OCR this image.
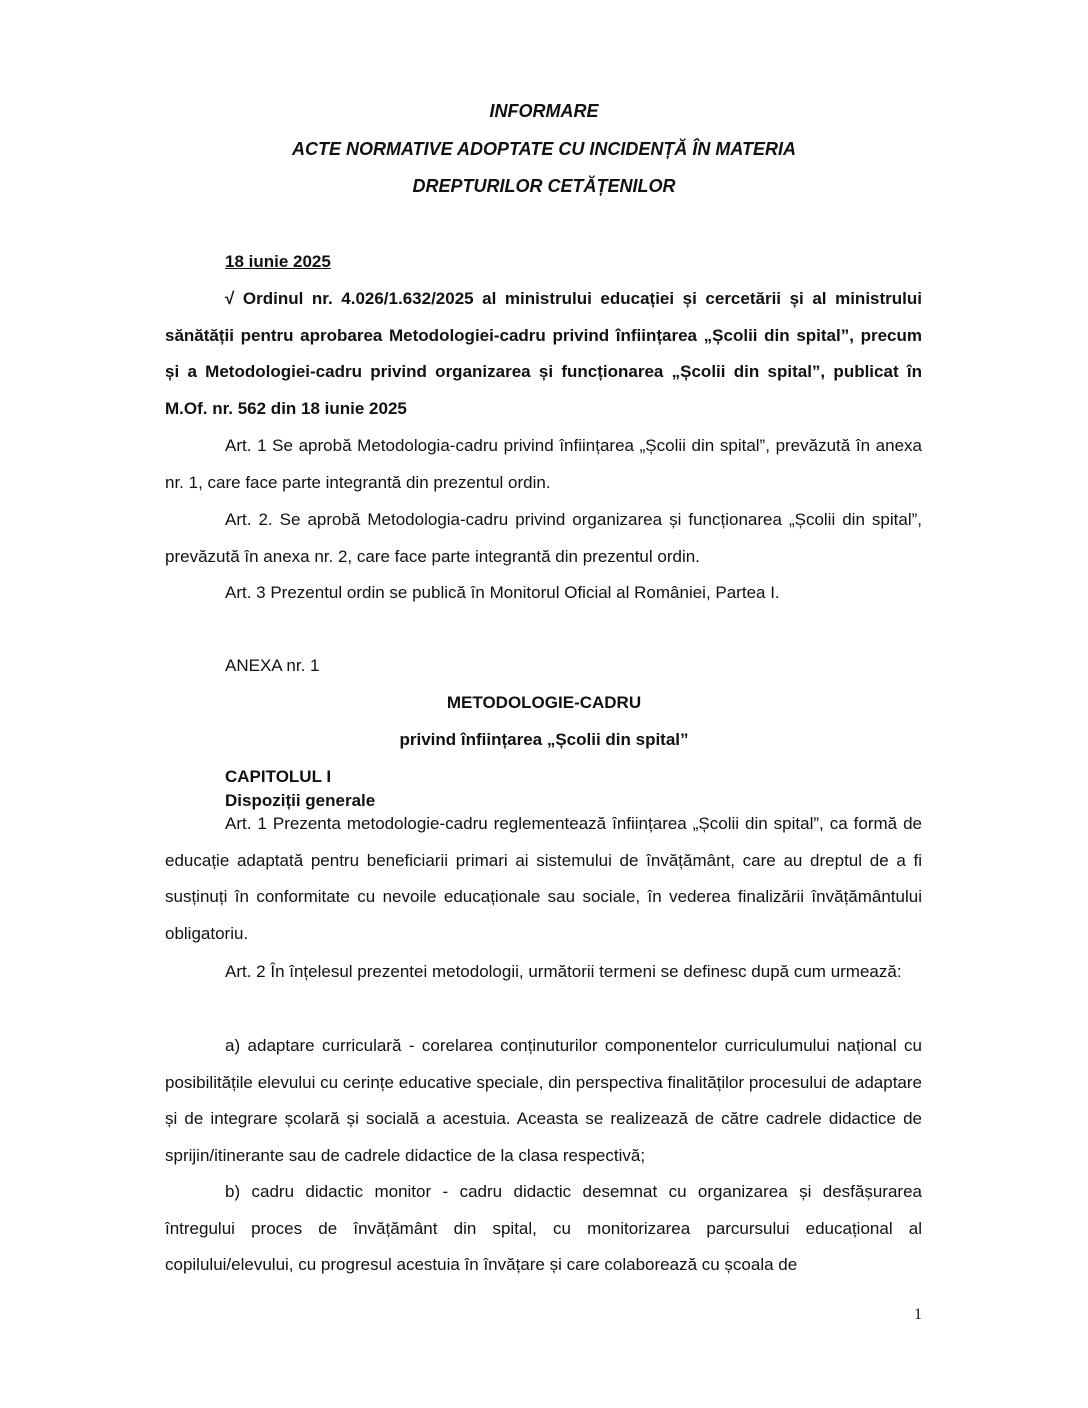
INFORMARE
ACTE NORMATIVE ADOPTATE CU INCIDENȚĂ ÎN MATERIA
DREPTURILOR CETĂȚENILOR
18 iunie 2025
√ Ordinul nr. 4.026/1.632/2025 al ministrului educației și cercetării și al ministrului sănătății pentru aprobarea Metodologiei-cadru privind înființarea „Școlii din spital”, precum și a Metodologiei-cadru privind organizarea și funcționarea „Școlii din spital”, publicat în M.Of. nr. 562 din 18 iunie 2025
Art. 1 Se aprobă Metodologia-cadru privind înființarea „Școlii din spital”, prevăzută în anexa nr. 1, care face parte integrantă din prezentul ordin.
Art. 2. Se aprobă Metodologia-cadru privind organizarea și funcționarea „Școlii din spital”, prevăzută în anexa nr. 2, care face parte integrantă din prezentul ordin.
Art. 3 Prezentul ordin se publică în Monitorul Oficial al României, Partea I.
ANEXA nr. 1
METODOLOGIE-CADRU
privind înființarea „Școlii din spital”
CAPITOLUL I
Dispoziții generale
Art. 1 Prezenta metodologie-cadru reglementează înființarea „Școlii din spital”, ca formă de educație adaptată pentru beneficiarii primari ai sistemului de învățământ, care au dreptul de a fi susținuți în conformitate cu nevoile educaționale sau sociale, în vederea finalizării învățământului obligatoriu.
Art. 2 În înțelesul prezentei metodologii, următorii termeni se definesc după cum urmează:
a) adaptare curriculară - corelarea conținuturilor componentelor curriculumului național cu posibilitățile elevului cu cerințe educative speciale, din perspectiva finalităților procesului de adaptare și de integrare școlară și socială a acestuia. Aceasta se realizează de către cadrele didactice de sprijin/itinerante sau de cadrele didactice de la clasa respectivă;
b) cadru didactic monitor - cadru didactic desemnat cu organizarea și desfășurarea întregului proces de învățământ din spital, cu monitorizarea parcursului educațional al copilului/elevului, cu progresul acestuia în învățare și care colaborează cu școala de
1
